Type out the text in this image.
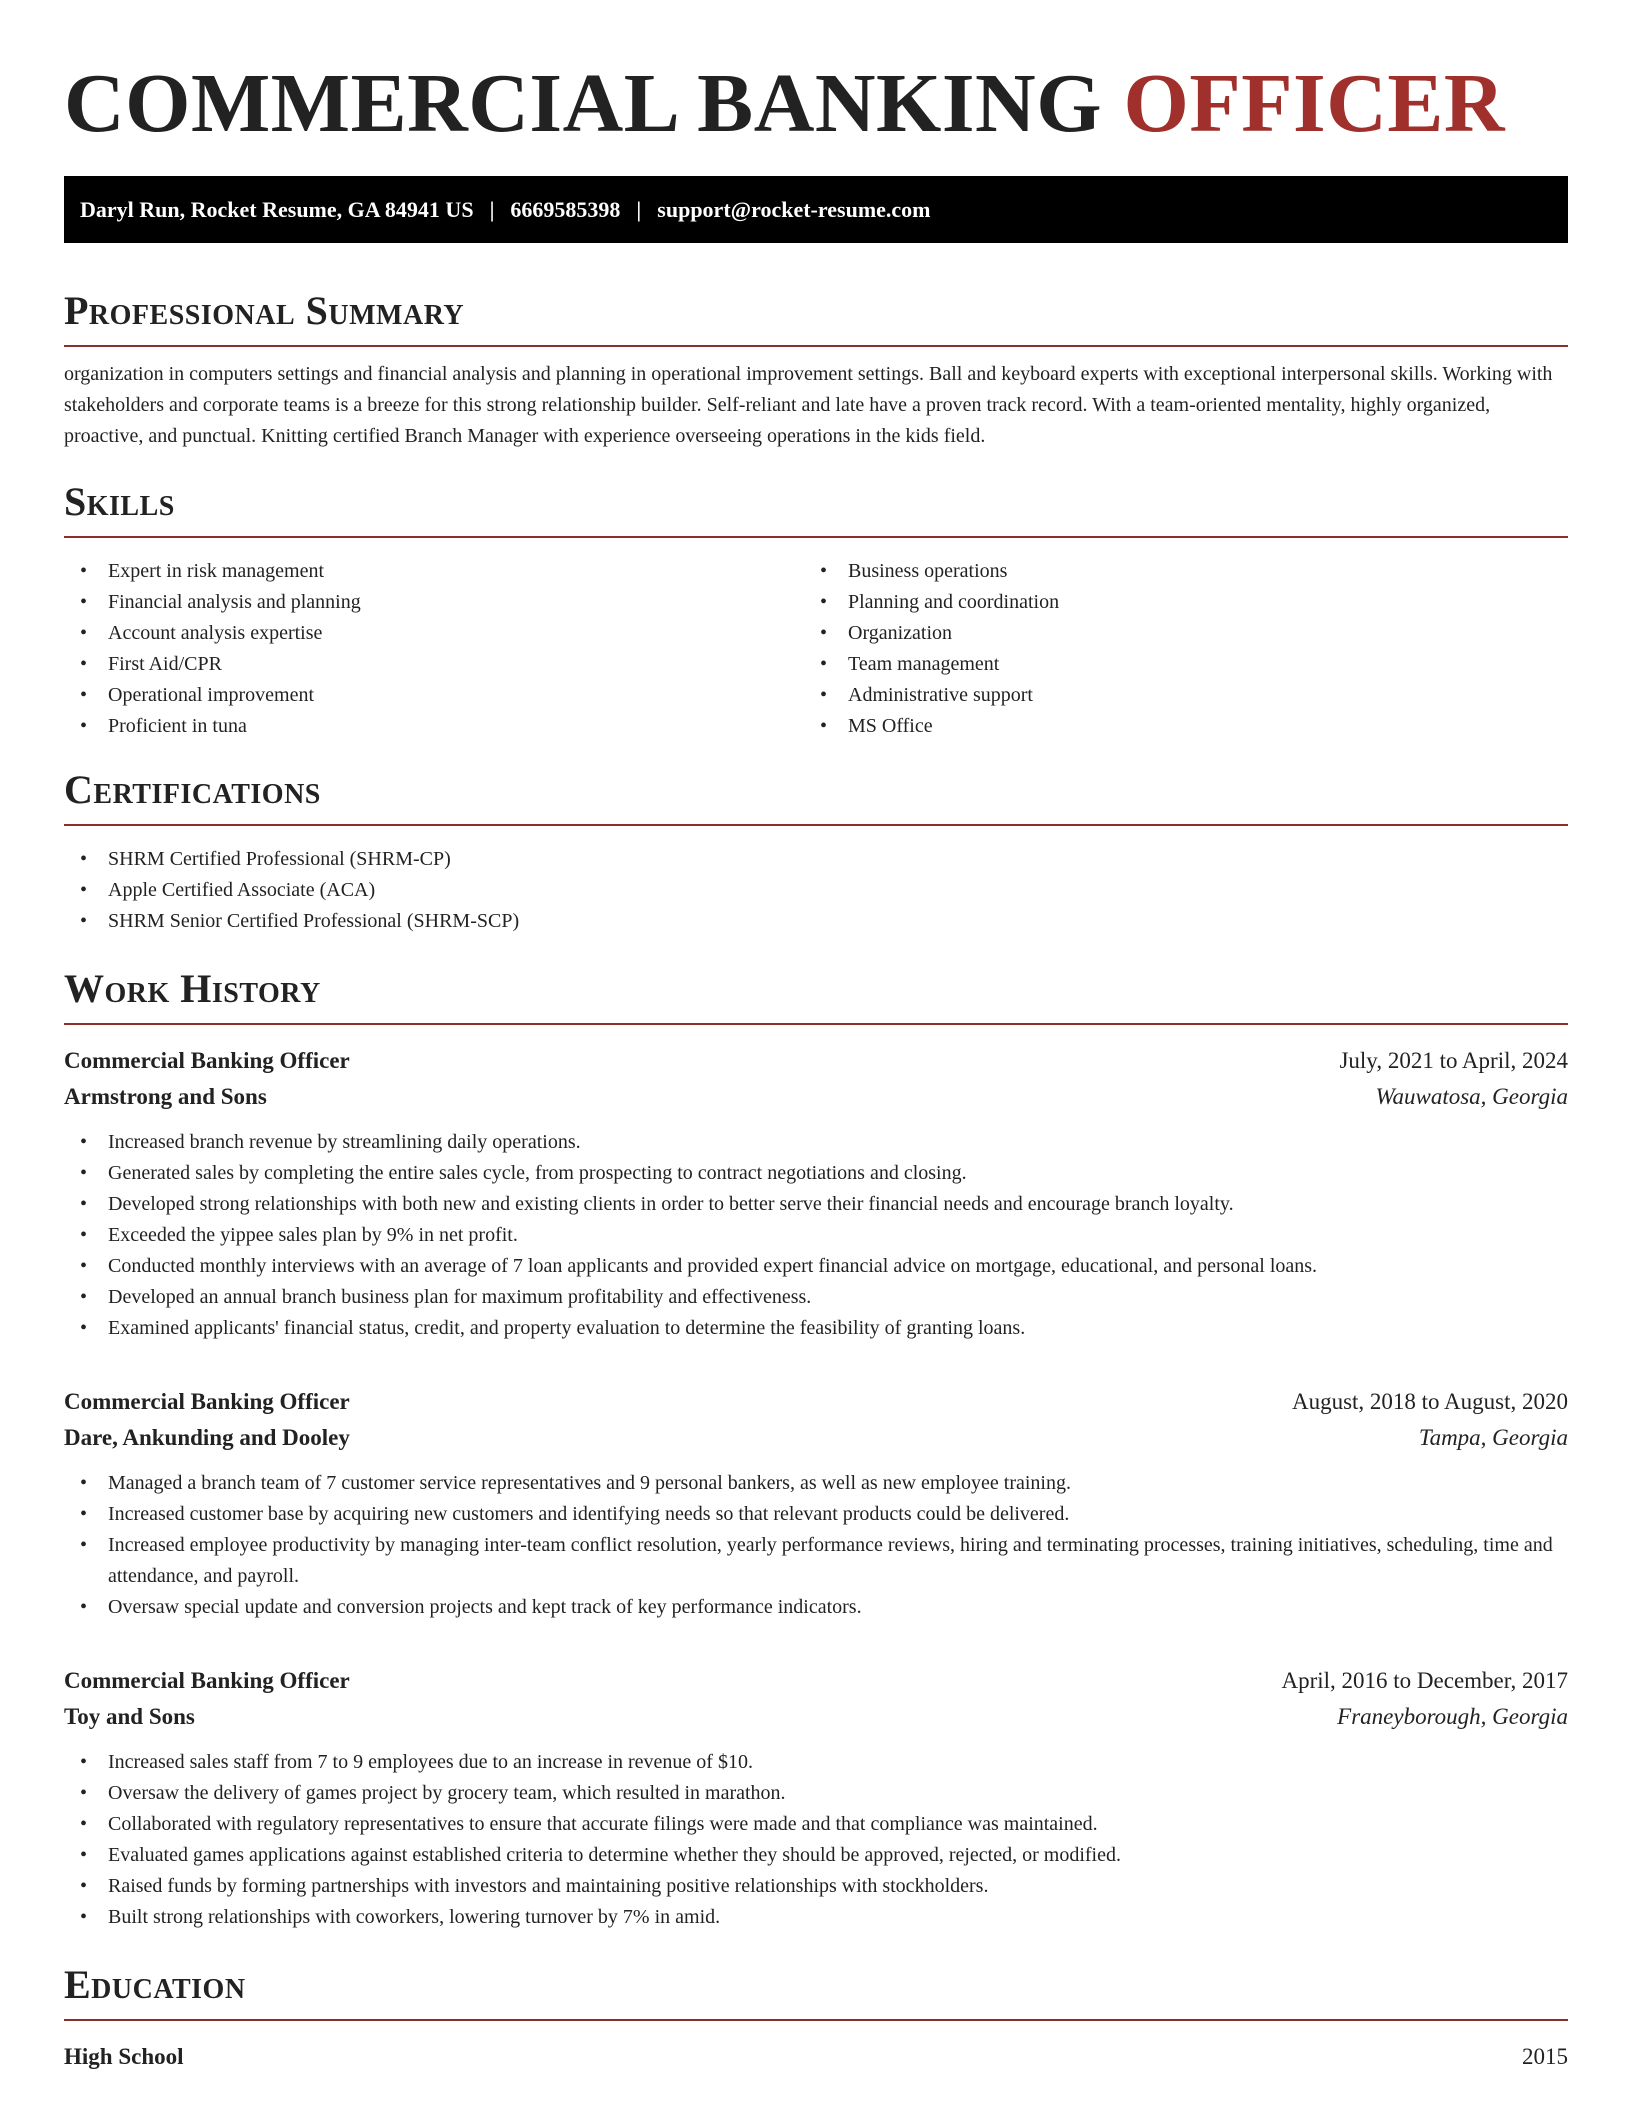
COMMERCIAL BANKING OFFICER
Daryl Run, Rocket Resume, GA 84941 US | 6669585398 | support@rocket-resume.com
Professional Summary

organization in computers settings and financial analysis and planning in operational improvement settings. Ball and keyboard experts with exceptional interpersonal skills. Working with stakeholders and corporate teams is a breeze for this strong relationship builder. Self-reliant and late have a proven track record. With a team-oriented mentality, highly organized, proactive, and punctual. Knitting certified Branch Manager with experience overseeing operations in the kids field.

Skills
• Expert in risk management
• Financial analysis and planning
• Account analysis expertise
• First Aid/CPR
• Operational improvement
• Proficient in tuna
• Business operations
• Planning and coordination
• Organization
• Team management
• Administrative support
• MS Office
Certifications
• SHRM Certified Professional (SHRM-CP)
• Apple Certified Associate (ACA)
• SHRM Senior Certified Professional (SHRM-SCP)
Work History
Commercial Banking Officer	July, 2021 to April, 2024
Armstrong and Sons	Wauwatosa, Georgia
• Increased branch revenue by streamlining daily operations.
• Generated sales by completing the entire sales cycle, from prospecting to contract negotiations and closing.
• Developed strong relationships with both new and existing clients in order to better serve their financial needs and encourage branch loyalty.
• Exceeded the yippee sales plan by 9% in net profit.
• Conducted monthly interviews with an average of 7 loan applicants and provided expert financial advice on mortgage, educational, and personal loans.
• Developed an annual branch business plan for maximum profitability and effectiveness.
• Examined applicants' financial status, credit, and property evaluation to determine the feasibility of granting loans.
Commercial Banking Officer	August, 2018 to August, 2020
Dare, Ankunding and Dooley	Tampa, Georgia
• Managed a branch team of 7 customer service representatives and 9 personal bankers, as well as new employee training.
• Increased customer base by acquiring new customers and identifying needs so that relevant products could be delivered.
• Increased employee productivity by managing inter-team conflict resolution, yearly performance reviews, hiring and terminating processes, training initiatives, scheduling, time and attendance, and payroll.
• Oversaw special update and conversion projects and kept track of key performance indicators.
Commercial Banking Officer	April, 2016 to December, 2017
Toy and Sons	Franeyborough, Georgia
• Increased sales staff from 7 to 9 employees due to an increase in revenue of $10.
• Oversaw the delivery of games project by grocery team, which resulted in marathon.
• Collaborated with regulatory representatives to ensure that accurate filings were made and that compliance was maintained.
• Evaluated games applications against established criteria to determine whether they should be approved, rejected, or modified.
• Raised funds by forming partnerships with investors and maintaining positive relationships with stockholders.
• Built strong relationships with coworkers, lowering turnover by 7% in amid.
Education
High School	2015
